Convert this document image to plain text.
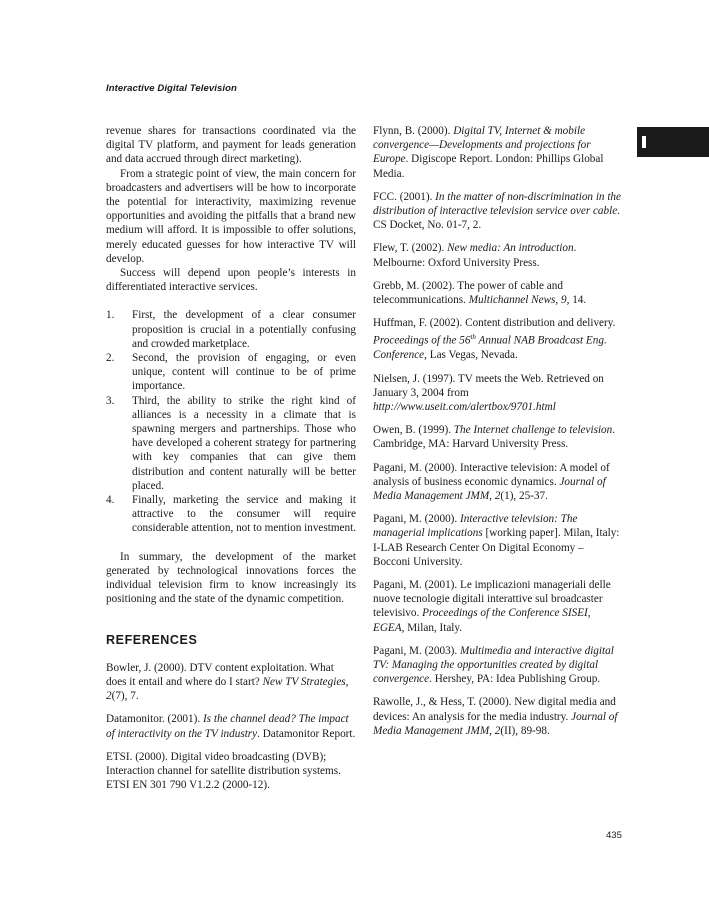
Interactive Digital Television

revenue shares for transactions coordinated via the digital TV platform, and payment for leads generation and data accrued through direct marketing).

From a strategic point of view, the main concern for broadcasters and advertisers will be how to incorporate the potential for interactivity, maximizing revenue opportunities and avoiding the pitfalls that a brand new medium will afford. It is impossible to offer solutions, merely educated guesses for how interactive TV will develop.

Success will depend upon people’s interests in differentiated interactive services.

1. First, the development of a clear consumer proposition is crucial in a potentially confusing and crowded marketplace.
2. Second, the provision of engaging, or even unique, content will continue to be of prime importance.
3. Third, the ability to strike the right kind of alliances is a necessity in a climate that is spawning mergers and partnerships. Those who have developed a coherent strategy for partnering with key companies that can give them distribution and content naturally will be better placed.
4. Finally, marketing the service and making it attractive to the consumer will require considerable attention, not to mention investment.

In summary, the development of the market generated by technological innovations forces the individual television firm to know increasingly its positioning and the state of the dynamic competition.

REFERENCES

Bowler, J. (2000). DTV content exploitation. What does it entail and where do I start? New TV Strategies, 2(7), 7.

Datamonitor. (2001). Is the channel dead? The impact of interactivity on the TV industry. Datamonitor Report.

ETSI. (2000). Digital video broadcasting (DVB); Interaction channel for satellite distribution systems. ETSI EN 301 790 V1.2.2 (2000-12).

Flynn, B. (2000). Digital TV, Internet & mobile convergence—Developments and projections for Europe. Digiscope Report. London: Phillips Global Media.

FCC. (2001). In the matter of non-discrimination in the distribution of interactive television service over cable. CS Docket, No. 01-7, 2.

Flew, T. (2002). New media: An introduction. Melbourne: Oxford University Press.

Grebb, M. (2002). The power of cable and telecommunications. Multichannel News, 9, 14.

Huffman, F. (2002). Content distribution and delivery. Proceedings of the 56th Annual NAB Broadcast Eng. Conference, Las Vegas, Nevada.

Nielsen, J. (1997). TV meets the Web. Retrieved on January 3, 2004 from http://www.useit.com/alertbox/9701.html

Owen, B. (1999). The Internet challenge to television. Cambridge, MA: Harvard University Press.

Pagani, M. (2000). Interactive television: A model of analysis of business economic dynamics. Journal of Media Management JMM, 2(1), 25-37.

Pagani, M. (2000). Interactive television: The managerial implications [working paper]. Milan, Italy: I-LAB Research Center On Digital Economy – Bocconi University.

Pagani, M. (2001). Le implicazioni manageriali delle nuove tecnologie digitali interattive sul broadcaster televisivo. Proceedings of the Conference SISEI, EGEA, Milan, Italy.

Pagani, M. (2003). Multimedia and interactive digital TV: Managing the opportunities created by digital convergence. Hershey, PA: Idea Publishing Group.

Rawolle, J., & Hess, T. (2000). New digital media and devices: An analysis for the media industry. Journal of Media Management JMM, 2(II), 89-98.

435
